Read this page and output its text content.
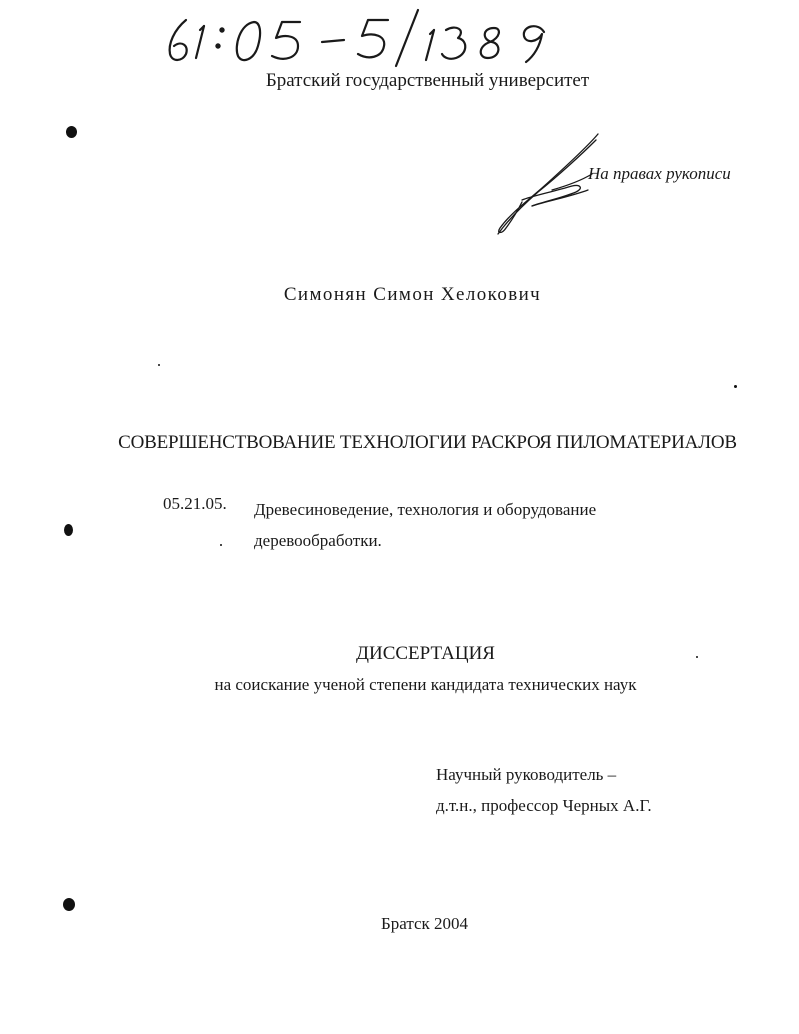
Братский государственный университет
На правах рукописи
Симонян Симон Хелокович
СОВЕРШЕНСТВОВАНИЕ ТЕХНОЛОГИИ РАСКРОЯ ПИЛОМАТЕРИАЛОВ
05.21.05. Древесиноведение, технология и оборудование деревообработки.
ДИССЕРТАЦИЯ
на соискание ученой степени кандидата технических наук
Научный руководитель –
д.т.н., профессор Черных А.Г.
Братск 2004
